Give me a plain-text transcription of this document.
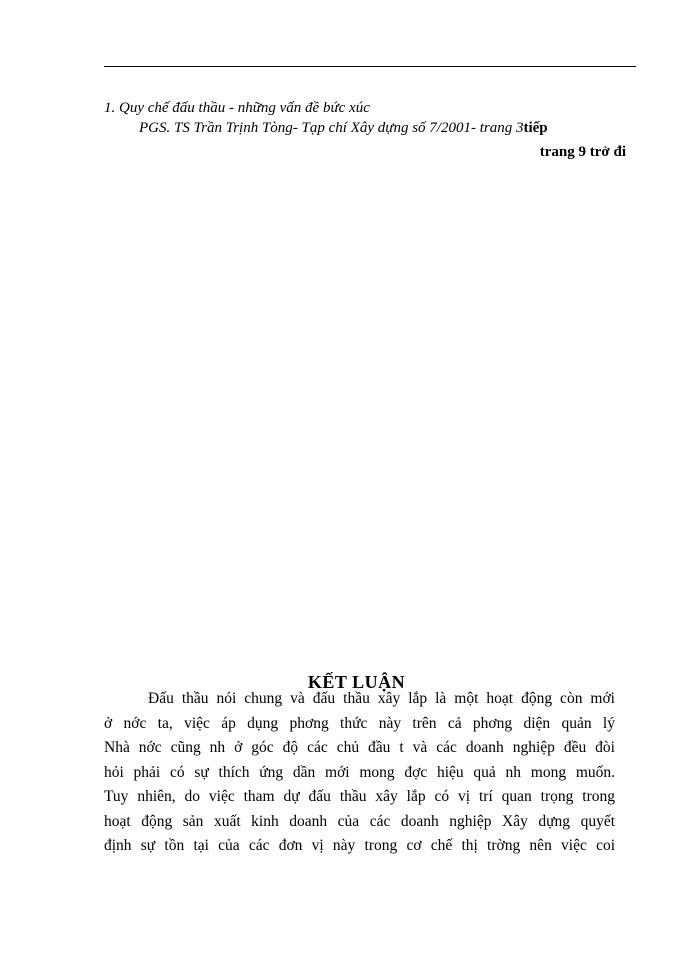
1. Quy chế đấu thầu - những vấn đề bức xúc
PGS. TS Trần Trịnh Tòng- Tạp chí Xây dựng số 7/2001- trang 3tiếp
trang 9 trở đi
KẾT LUẬN
Đấu thầu nói chung và đấu thầu xây lắp là một hoạt động còn mới
ở nớc ta, việc áp dụng phơng thức này trên cả phơng diện quản lý
Nhà nớc cũng nh ở góc độ các chủ đầu t và các doanh nghiệp đều đòi
hỏi phải có sự thích ứng dần mới mong đợc hiệu quả nh mong muốn.
Tuy nhiên, do việc tham dự đấu thầu xây lắp có vị trí quan trọng trong
hoạt động sản xuất kinh doanh của các doanh nghiệp Xây dựng quyết
định sự tồn tại của các đơn vị này trong cơ chế thị trờng nên việc coi
